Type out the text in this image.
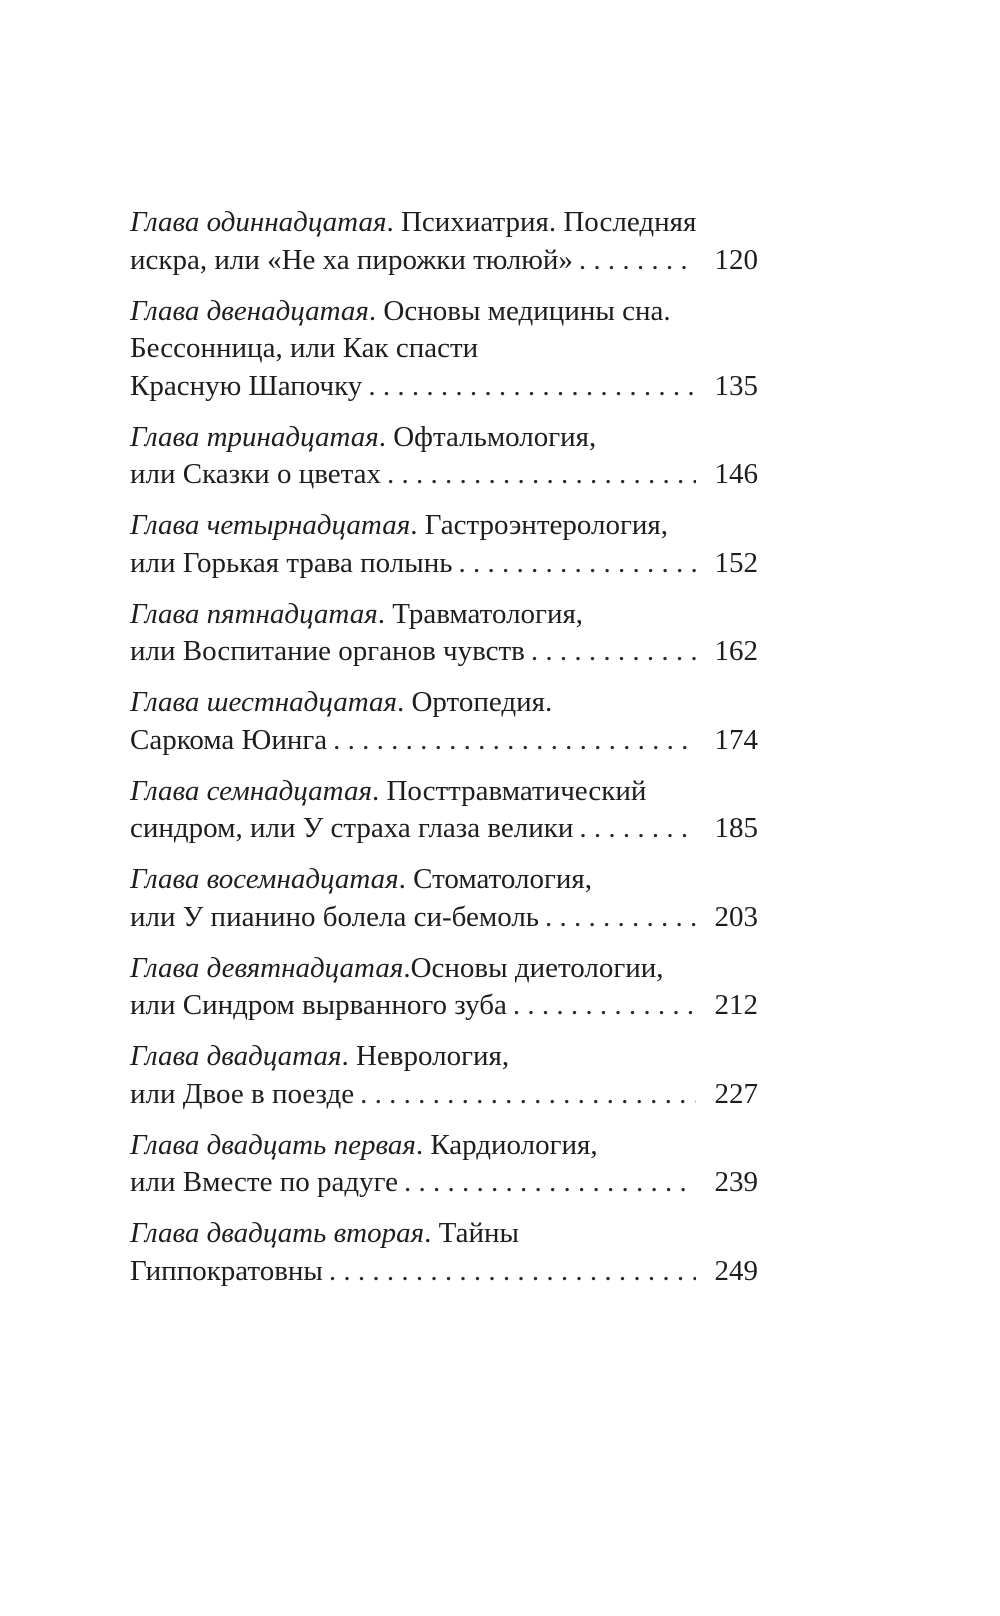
Глава одиннадцатая. Психиатрия. Последняя
искра, или «Не ха пирожки тюлюй» . . .	120
Глава двенадцатая. Основы медицины сна.
Бессонница, или Как спасти
Красную Шапочку . . .	135
Глава тринадцатая. Офтальмология,
или Сказки о цветах . . .	146
Глава четырнадцатая. Гастроэнтерология,
или Горькая трава полынь . . .	152
Глава пятнадцатая. Травматология,
или Воспитание органов чувств . . .	162
Глава шестнадцатая. Ортопедия.
Саркома Юинга . . .	174
Глава семнадцатая. Посттравматический
синдром, или У страха глаза велики . . .	185
Глава восемнадцатая. Стоматология,
или У пианино болела си-бемоль . . .	203
Глава девятнадцатая.Основы диетологии,
или Синдром вырванного зуба . . .	212
Глава двадцатая. Неврология,
или Двое в поезде . . .	227
Глава двадцать первая. Кардиология,
или Вместе по радуге . . .	239
Глава двадцать вторая. Тайны
Гиппократовны . . .	249
